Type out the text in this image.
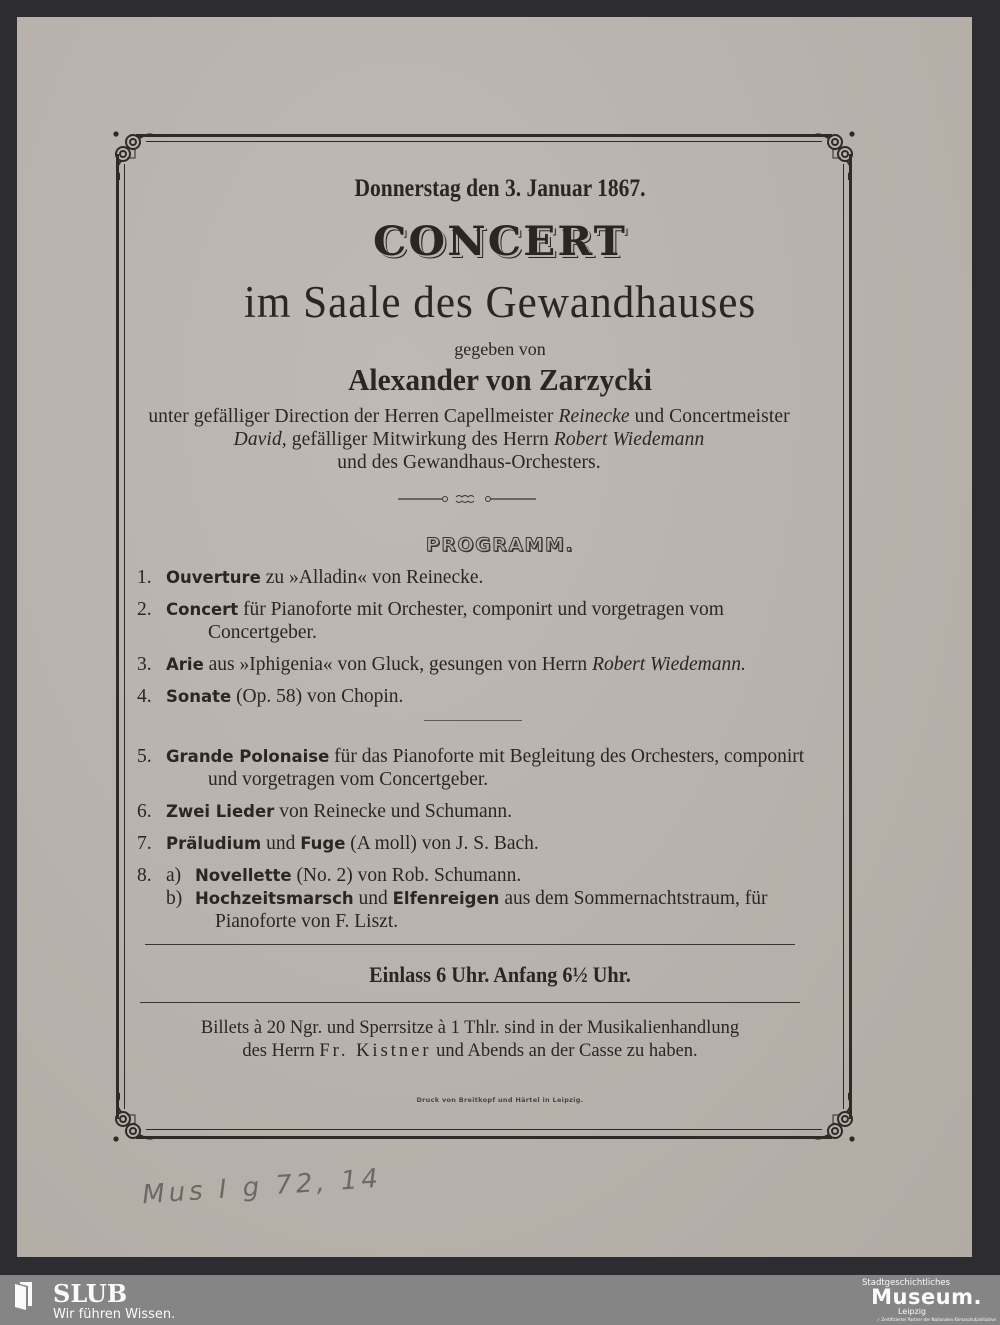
Donnerstag den 3. Januar 1867.
CONCERT
im Saale des Gewandhauses
gegeben von
Alexander von Zarzycki
unter gefälliger Direction der Herren Capellmeister Reinecke und Concertmeister David, gefälliger Mitwirkung des Herrn Robert Wiedemann
und des Gewandhaus-Orchesters.
PROGRAMM.
1. Ouverture zu »Alladin« von Reinecke.
2. Concert für Pianoforte mit Orchester, componirt und vorgetragen vom Concertgeber.
3. Arie aus »Iphigenia« von Gluck, gesungen von Herrn Robert Wiedemann.
4. Sonate (Op. 58) von Chopin.
5. Grande Polonaise für das Pianoforte mit Begleitung des Orchesters, componirt und vorgetragen vom Concertgeber.
6. Zwei Lieder von Reinecke und Schumann.
7. Präludium und Fuge (A moll) von J. S. Bach.
8. a) Novellette (No. 2) von Rob. Schumann.
b) Hochzeitsmarsch und Elfenreigen aus dem Sommernachtstraum, für Pianoforte von F. Liszt.
Einlass 6 Uhr. Anfang 6½ Uhr.
Billets à 20 Ngr. und Sperrsitze à 1 Thlr. sind in der Musikalienhandlung
des Herrn Fr. Kistner und Abends an der Casse zu haben.
Druck von Breitkopf und Härtel in Leipzig.
Mus I g 72, 14
SLUB
Wir führen Wissen.
Stadtgeschichtliches
Museum.
Leipzig
✓ Zertifizierter Partner der Nationalen Klimaschutzinitiative
